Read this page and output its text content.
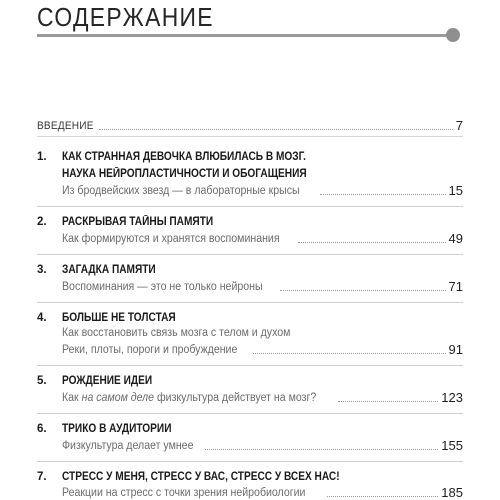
СОДЕРЖАНИЕ
ВВЕДЕНИЕ	7
1. КАК СТРАННАЯ ДЕВОЧКА ВЛЮБИЛАСЬ В МОЗГ.
НАУКА НЕЙРОПЛАСТИЧНОСТИ И ОБОГАЩЕНИЯ
Из бродвейских звезд — в лабораторные крысы	15
2. РАСКРЫВАЯ ТАЙНЫ ПАМЯТИ
Как формируются и хранятся воспоминания	49
3. ЗАГАДКА ПАМЯТИ
Воспоминания — это не только нейроны	71
4. БОЛЬШЕ НЕ ТОЛСТАЯ
Как восстановить связь мозга с телом и духом
Реки, плоты, пороги и пробуждение	91
5. РОЖДЕНИЕ ИДЕИ
Как на самом деле физкультура действует на мозг?	123
6. ТРИКО В АУДИТОРИИ
Физкультура делает умнее	155
7. СТРЕСС У МЕНЯ, СТРЕСС У ВАС, СТРЕСС У ВСЕХ НАС!
Реакции на стресс с точки зрения нейробиологии	185
